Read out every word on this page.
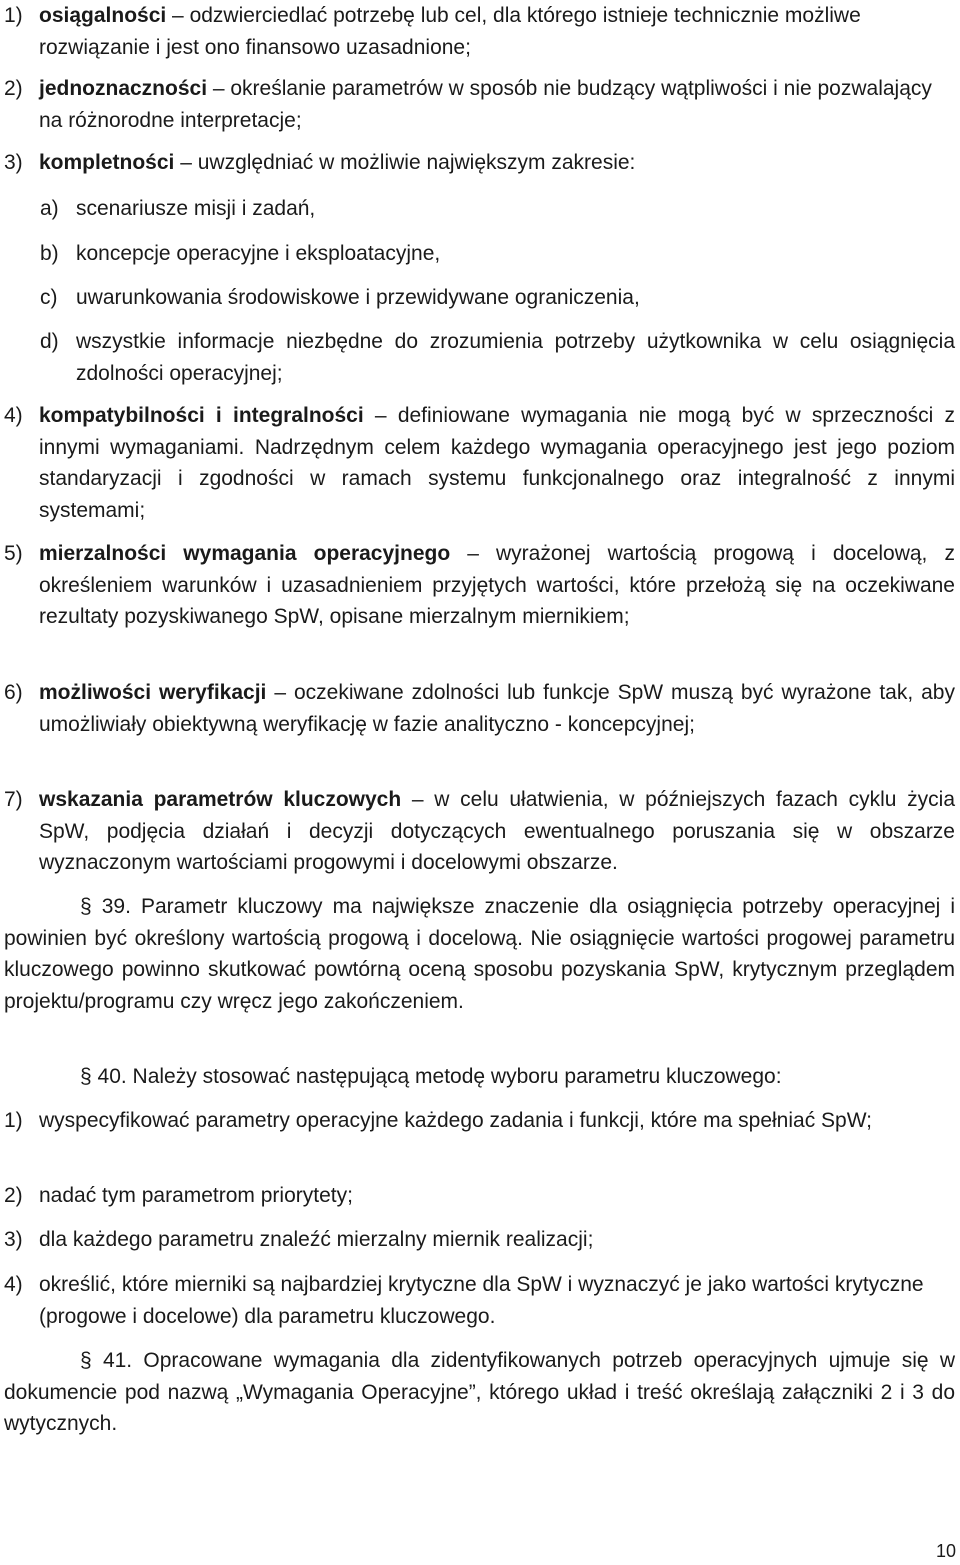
1) osiągalności – odzwierciedlać potrzebę lub cel, dla którego istnieje technicznie możliwe rozwiązanie i jest ono finansowo uzasadnione;
2) jednoznaczności – określanie parametrów w sposób nie budzący wątpliwości i nie pozwalający na różnorodne interpretacje;
3) kompletności – uwzględniać w możliwie największym zakresie:
a) scenariusze misji i zadań,
b) koncepcje operacyjne i eksploatacyjne,
c) uwarunkowania środowiskowe i przewidywane ograniczenia,
d) wszystkie informacje niezbędne do zrozumienia potrzeby użytkownika w celu osiągnięcia zdolności operacyjnej;
4) kompatybilności i integralności – definiowane wymagania nie mogą być w sprzeczności z innymi wymaganiami. Nadrzędnym celem każdego wymagania operacyjnego jest jego poziom standaryzacji i zgodności w ramach systemu funkcjonalnego oraz integralność z innymi systemami;
5) mierzalności wymagania operacyjnego – wyrażonej wartością progową i docelową, z określeniem warunków i uzasadnieniem przyjętych wartości, które przełożą się na oczekiwane rezultaty pozyskiwanego SpW, opisane mierzalnym miernikiem;
6) możliwości weryfikacji – oczekiwane zdolności lub funkcje SpW muszą być wyrażone tak, aby umożliwiały obiektywną weryfikację w fazie analityczno - koncepcyjnej;
7) wskazania parametrów kluczowych – w celu ułatwienia, w późniejszych fazach cyklu życia SpW, podjęcia działań i decyzji dotyczących ewentualnego poruszania się w obszarze wyznaczonym wartościami progowymi i docelowymi obszarze.
§ 39. Parametr kluczowy ma największe znaczenie dla osiągnięcia potrzeby operacyjnej i powinien być określony wartością progową i docelową. Nie osiągnięcie wartości progowej parametru kluczowego powinno skutkować powtórną oceną sposobu pozyskania SpW, krytycznym przeglądem projektu/programu czy wręcz jego zakończeniem.
§ 40. Należy stosować następującą metodę wyboru parametru kluczowego:
1) wyspecyfikować parametry operacyjne każdego zadania i funkcji, które ma spełniać SpW;
2) nadać tym parametrom priorytety;
3) dla każdego parametru znaleźć mierzalny miernik realizacji;
4) określić, które mierniki są najbardziej krytyczne dla SpW i wyznaczyć je jako wartości krytyczne (progowe i docelowe) dla parametru kluczowego.
§ 41. Opracowane wymagania dla zidentyfikowanych potrzeb operacyjnych ujmuje się w dokumencie pod nazwą „Wymagania Operacyjne”, którego układ i treść określają załączniki 2 i 3 do wytycznych.
10
